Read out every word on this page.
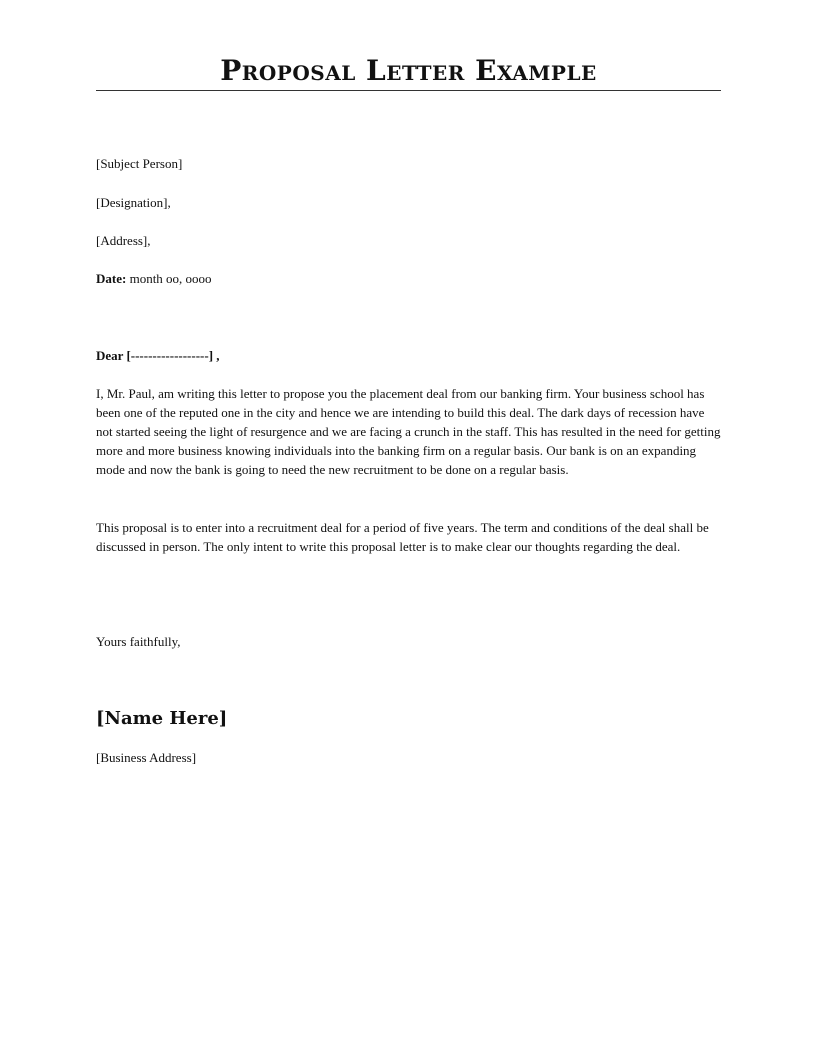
Proposal Letter Example
[Subject Person]
[Designation],
[Address],
Date: month oo, oooo
Dear [------------------] ,

I, Mr. Paul, am writing this letter to propose you the placement deal from our banking firm. Your business school has been one of the reputed one in the city and hence we are intending to build this deal. The dark days of recession have not started seeing the light of resurgence and we are facing a crunch in the staff. This has resulted in the need for getting more and more business knowing individuals into the banking firm on a regular basis. Our bank is on an expanding mode and now the bank is going to need the new recruitment to be done on a regular basis.

This proposal is to enter into a recruitment deal for a period of five years. The term and conditions of the deal shall be discussed in person. The only intent to write this proposal letter is to make clear our thoughts regarding the deal.

Yours faithfully,
[Name Here]
[Business Address]
